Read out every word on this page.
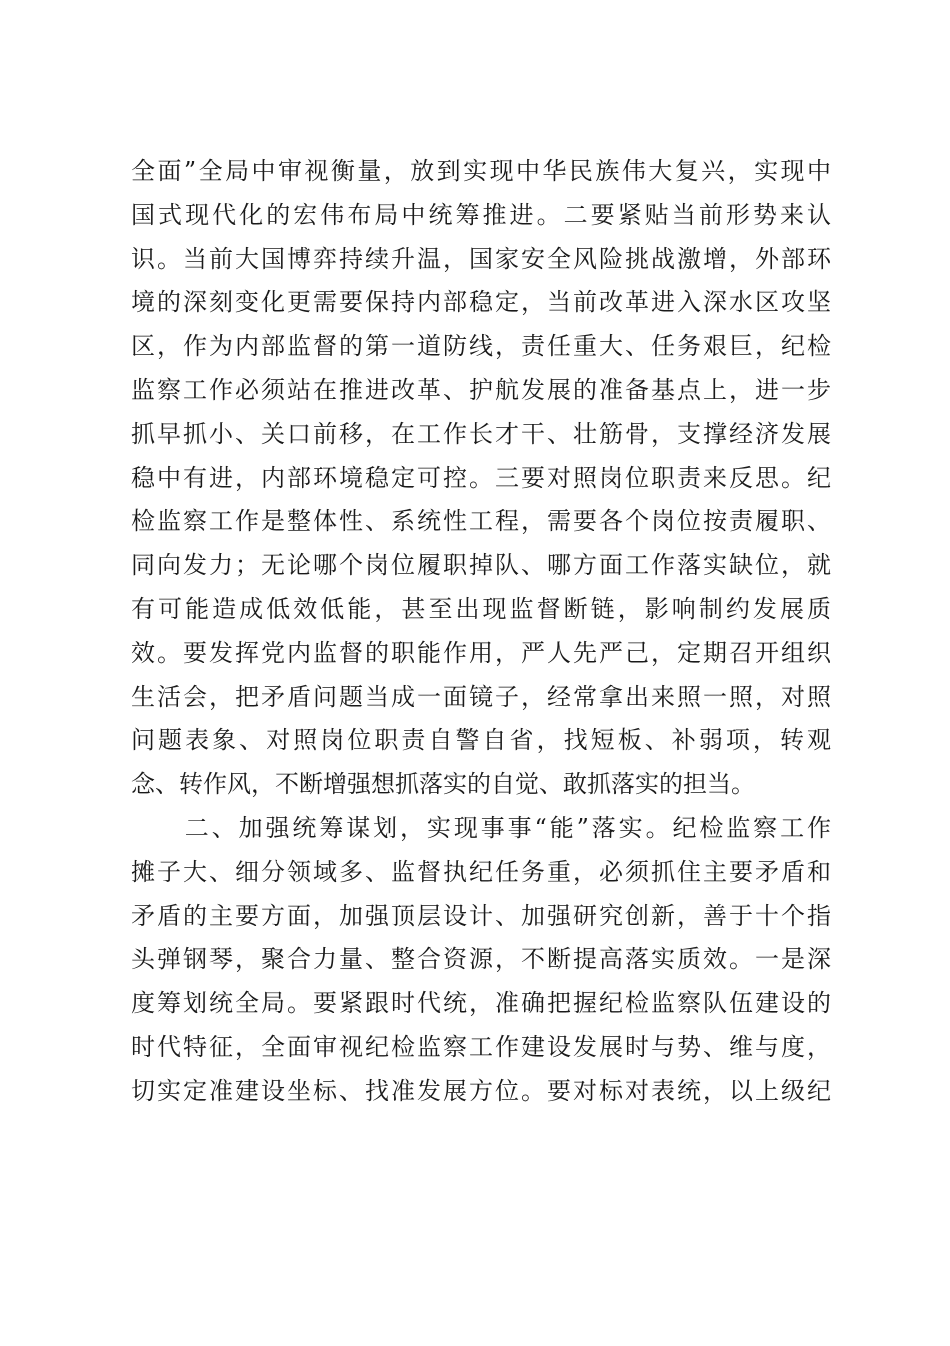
全面”全局中审视衡量，放到实现中华民族伟大复兴，实现中
国式现代化的宏伟布局中统筹推进。二要紧贴当前形势来认
识。当前大国博弈持续升温，国家安全风险挑战激增，外部环
境的深刻变化更需要保持内部稳定，当前改革进入深水区攻坚
区，作为内部监督的第一道防线，责任重大、任务艰巨，纪检
监察工作必须站在推进改革、护航发展的准备基点上，进一步
抓早抓小、关口前移，在工作长才干、壮筋骨，支撑经济发展
稳中有进，内部环境稳定可控。三要对照岗位职责来反思。纪
检监察工作是整体性、系统性工程，需要各个岗位按责履职、
同向发力；无论哪个岗位履职掉队、哪方面工作落实缺位，就
有可能造成低效低能，甚至出现监督断链，影响制约发展质
效。要发挥党内监督的职能作用，严人先严己，定期召开组织
生活会，把矛盾问题当成一面镜子，经常拿出来照一照，对照
问题表象、对照岗位职责自警自省，找短板、补弱项，转观
念、转作风，不断增强想抓落实的自觉、敢抓落实的担当。
　　二、加强统筹谋划，实现事事“能”落实。纪检监察工作
摊子大、细分领域多、监督执纪任务重，必须抓住主要矛盾和
矛盾的主要方面，加强顶层设计、加强研究创新，善于十个指
头弹钢琴，聚合力量、整合资源，不断提高落实质效。一是深
度筹划统全局。要紧跟时代统，准确把握纪检监察队伍建设的
时代特征，全面审视纪检监察工作建设发展时与势、维与度，
切实定准建设坐标、找准发展方位。要对标对表统，以上级纪
